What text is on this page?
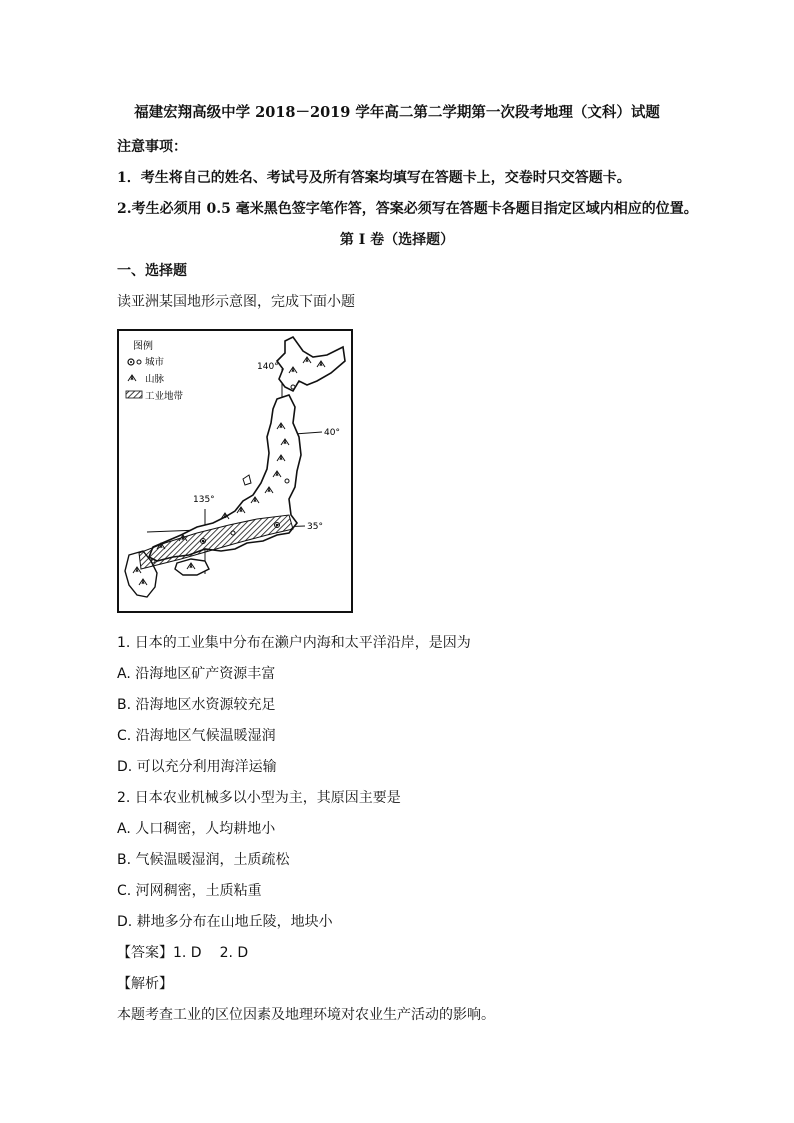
福建宏翔高级中学 2018－2019 学年高二第二学期第一次段考地理（文科）试题
注意事项：
1．考生将自己的姓名、考试号及所有答案均填写在答题卡上，交卷时只交答题卡。
2.考生必须用 0.5 毫米黑色签字笔作答，答案必须写在答题卡各题目指定区域内相应的位置。
第 I 卷（选择题）
一、选择题
读亚洲某国地形示意图，完成下面小题
图例
城市
山脉
工业地带
140°
40°
135°
35°
1. 日本的工业集中分布在濑户内海和太平洋沿岸，是因为
A. 沿海地区矿产资源丰富
B. 沿海地区水资源较充足
C. 沿海地区气候温暖湿润
D. 可以充分利用海洋运输
2. 日本农业机械多以小型为主，其原因主要是
A. 人口稠密，人均耕地小
B. 气候温暖湿润，土质疏松
C. 河网稠密，土质粘重
D. 耕地多分布在山地丘陵，地块小
【答案】1. D 2. D
【解析】
本题考查工业的区位因素及地理环境对农业生产活动的影响。
